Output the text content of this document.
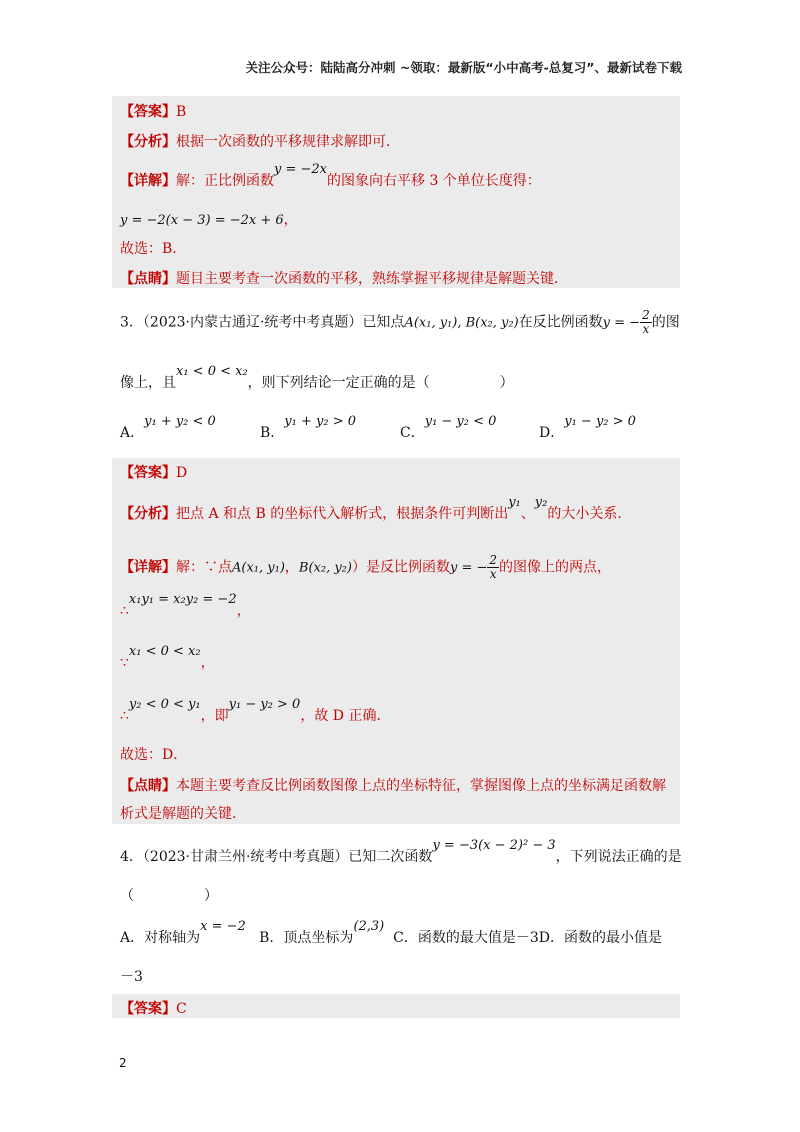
关注公众号：陆陆高分冲刺 ~领取：最新版“小中高考-总复习”、最新试卷下载
【答案】B
【分析】根据一次函数的平移规律求解即可．
【详解】解：正比例函数y = −2x的图象向右平移 3 个单位长度得：
y = −2(x − 3) = −2x + 6，
故选：B．
【点睛】题目主要考查一次函数的平移，熟练掌握平移规律是解题关键．
3．（2023·内蒙古通辽·统考中考真题）已知点A(x₁, y₁), B(x₂, y₂)在反比例函数y = − $\frac{2}{x}$ 的图
像上，且x₁ < 0 < x₂，则下列结论一定正确的是（　　　　　）
A．y₁ + y₂ < 0
B．y₁ + y₂ > 0
C．y₁ − y₂ < 0
D．y₁ − y₂ > 0
【答案】D
【分析】把点 A 和点 B 的坐标代入解析式，根据条件可判断出y₁、y₂的大小关系．
【详解】解：∵点A(x₁, y₁)，B(x₂, y₂)）是反比例函数y = − $\frac{2}{x}$ 的图像上的两点，
∴x₁y₁ = x₂y₂ = −2，
∵x₁ < 0 < x₂，
∴y₂ < 0 < y₁，即y₁ − y₂ > 0，故 D 正确．
故选：D．
【点睛】本题主要考查反比例函数图像上点的坐标特征，掌握图像上点的坐标满足函数解
析式是解题的关键．
4．（2023·甘肃兰州·统考中考真题）已知二次函数y = −3(x − 2)² − 3，下列说法正确的是
（　　　　　）
A．对称轴为x = −2   B．顶点坐标为(2,3)  C．函数的最大值是－3D．函数的最小值是
－3
【答案】C
2
